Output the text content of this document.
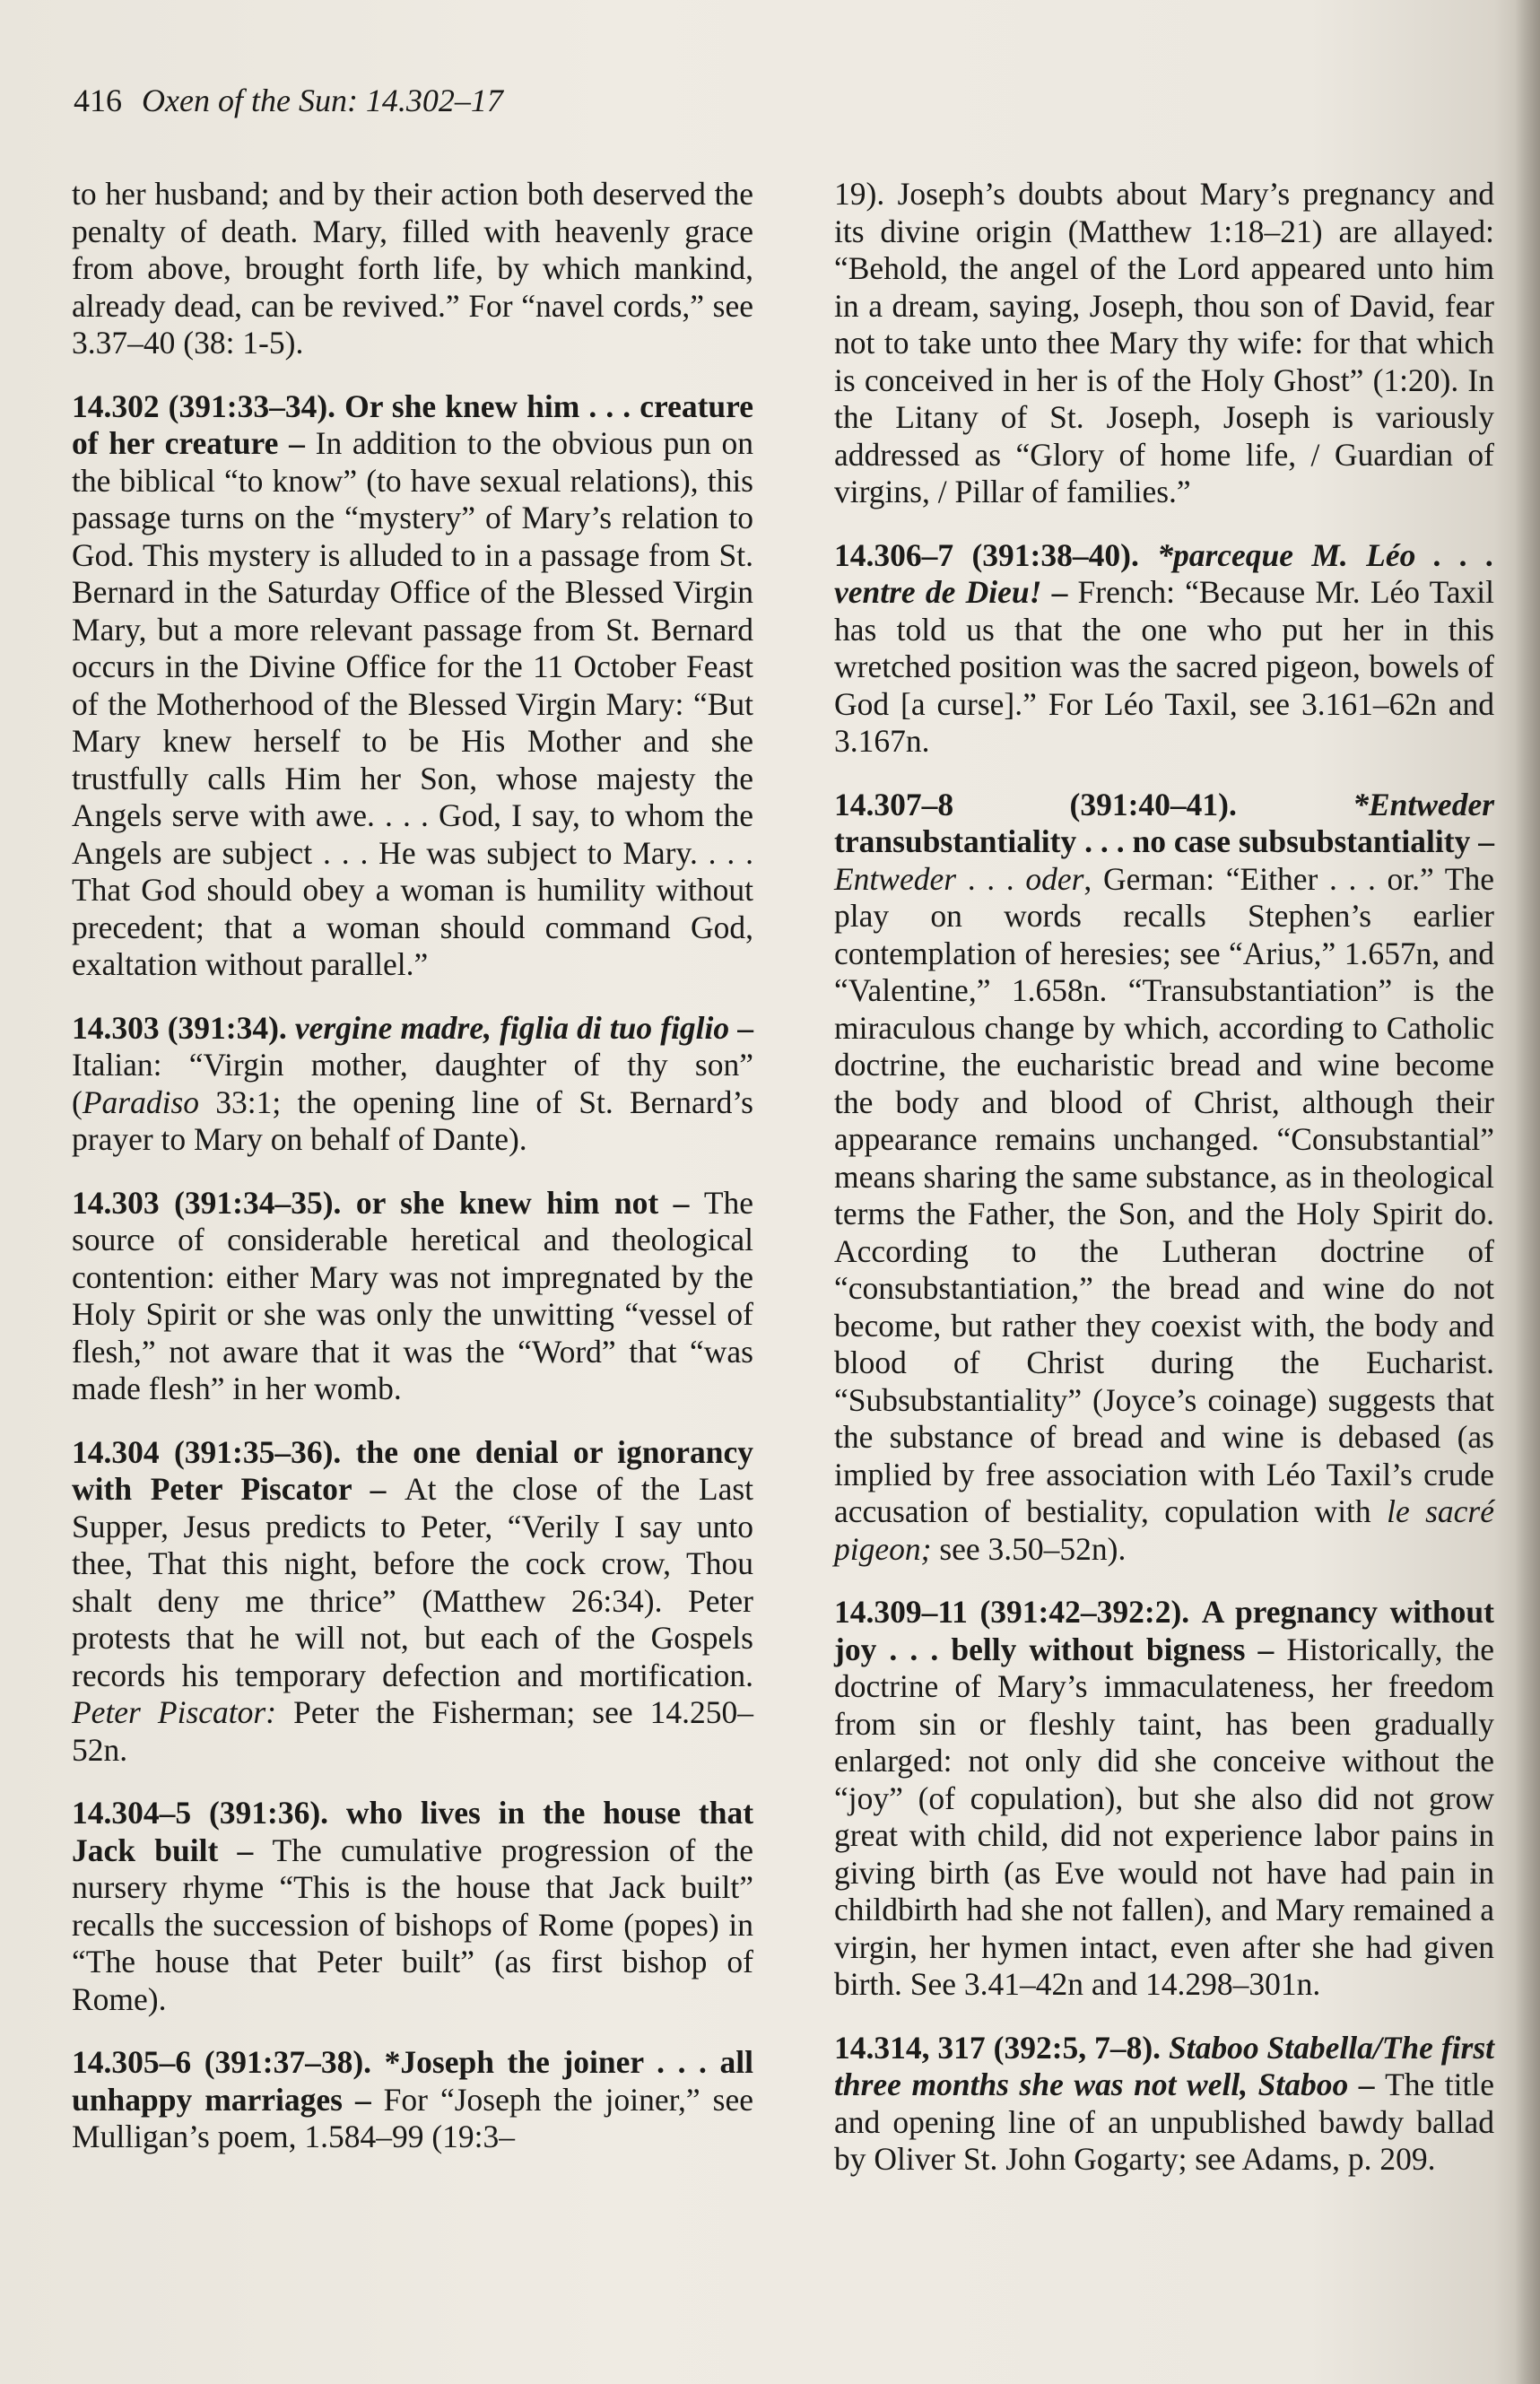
416 Oxen of the Sun: 14.302–17

to her husband; and by their action both deserved the penalty of death. Mary, filled with heavenly grace from above, brought forth life, by which mankind, already dead, can be revived.” For “navel cords,” see 3.37–40 (38: 1-5).

14.302 (391:33–34). Or she knew him . . . creature of her creature – In addition to the obvious pun on the biblical “to know” (to have sexual relations), this passage turns on the “mystery” of Mary’s relation to God. This mystery is alluded to in a passage from St. Bernard in the Saturday Office of the Blessed Virgin Mary, but a more relevant passage from St. Bernard occurs in the Divine Office for the 11 October Feast of the Motherhood of the Blessed Virgin Mary: “But Mary knew herself to be His Mother and she trustfully calls Him her Son, whose majesty the Angels serve with awe. . . . God, I say, to whom the Angels are subject . . . He was subject to Mary. . . . That God should obey a woman is humility without precedent; that a woman should command God, exaltation without parallel.”

14.303 (391:34). vergine madre, figlia di tuo figlio – Italian: “Virgin mother, daughter of thy son” (Paradiso 33:1; the opening line of St. Bernard’s prayer to Mary on behalf of Dante).

14.303 (391:34–35). or she knew him not – The source of considerable heretical and theological contention: either Mary was not impregnated by the Holy Spirit or she was only the unwitting “vessel of flesh,” not aware that it was the “Word” that “was made flesh” in her womb.

14.304 (391:35–36). the one denial or ignorancy with Peter Piscator – At the close of the Last Supper, Jesus predicts to Peter, “Verily I say unto thee, That this night, before the cock crow, Thou shalt deny me thrice” (Matthew 26:34). Peter protests that he will not, but each of the Gospels records his temporary defection and mortification. Peter Piscator: Peter the Fisherman; see 14.250–52n.

14.304–5 (391:36). who lives in the house that Jack built – The cumulative progression of the nursery rhyme “This is the house that Jack built” recalls the succession of bishops of Rome (popes) in “The house that Peter built” (as first bishop of Rome).

14.305–6 (391:37–38). *Joseph the joiner . . . all unhappy marriages – For “Joseph the joiner,” see Mulligan’s poem, 1.584–99 (19:3–

19). Joseph’s doubts about Mary’s pregnancy and its divine origin (Matthew 1:18–21) are allayed: “Behold, the angel of the Lord appeared unto him in a dream, saying, Joseph, thou son of David, fear not to take unto thee Mary thy wife: for that which is conceived in her is of the Holy Ghost” (1:20). In the Litany of St. Joseph, Joseph is variously addressed as “Glory of home life, / Guardian of virgins, / Pillar of families.”

14.306–7 (391:38–40). *parceque M. Léo . . . ventre de Dieu! – French: “Because Mr. Léo Taxil has told us that the one who put her in this wretched position was the sacred pigeon, bowels of God [a curse].” For Léo Taxil, see 3.161–62n and 3.167n.

14.307–8 (391:40–41).	*Entweder transubstantiality . . . no case subsubstantiality – Entweder . . . oder, German: “Either . . . or.” The play on words recalls Stephen’s earlier contemplation of heresies; see “Arius,” 1.657n, and “Valentine,” 1.658n. “Transubstantiation” is the miraculous change by which, according to Catholic doctrine, the eucharistic bread and wine become the body and blood of Christ, although their appearance remains unchanged. “Consubstantial” means sharing the same substance, as in theological terms the Father, the Son, and the Holy Spirit do. According to the Lutheran doctrine of “consubstantiation,” the bread and wine do not become, but rather they coexist with, the body and blood of Christ during the Eucharist. “Subsubstantiality” (Joyce’s coinage) suggests that the substance of bread and wine is debased (as implied by free association with Léo Taxil’s crude accusation of bestiality, copulation with le sacré pigeon; see 3.50–52n).

14.309–11 (391:42–392:2). A pregnancy without joy . . . belly without bigness – Historically, the doctrine of Mary’s immaculateness, her freedom from sin or fleshly taint, has been gradually enlarged: not only did she conceive without the “joy” (of copulation), but she also did not grow great with child, did not experience labor pains in giving birth (as Eve would not have had pain in childbirth had she not fallen), and Mary remained a virgin, her hymen intact, even after she had given birth. See 3.41–42n and 14.298–301n.

14.314, 317 (392:5, 7–8). Staboo Stabella/The first three months she was not well, Staboo – The title and opening line of an unpublished bawdy ballad by Oliver St. John Gogarty; see Adams, p. 209.
